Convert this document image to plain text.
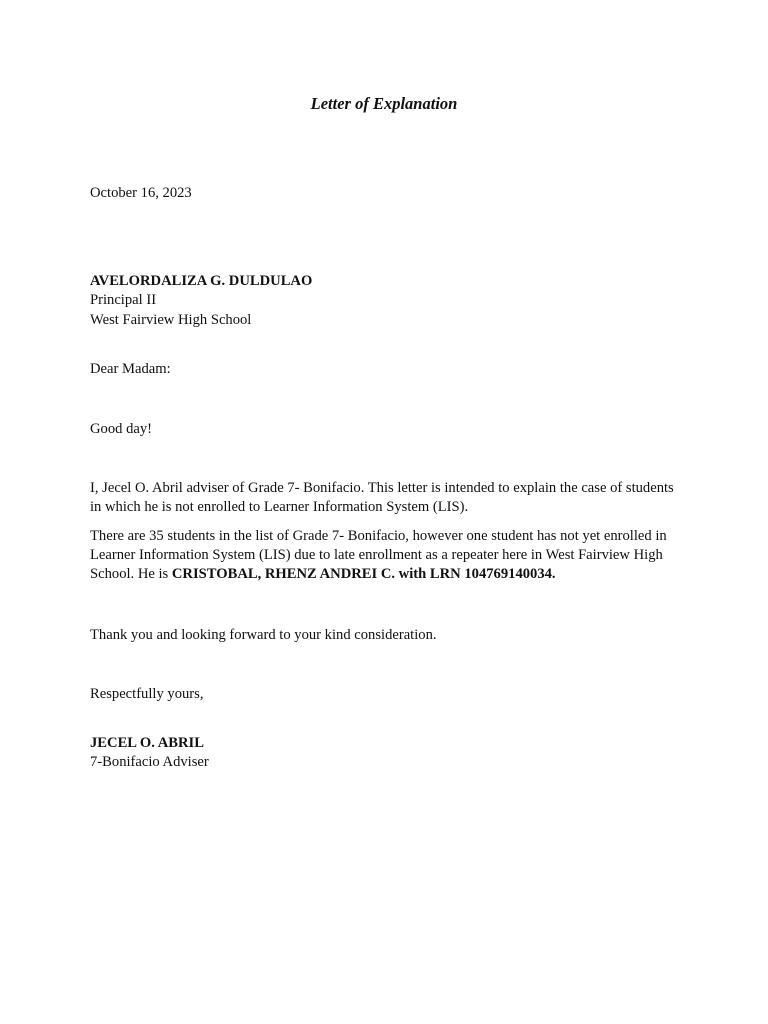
Letter of Explanation

October 16, 2023

AVELORDALIZA G. DULDULAO

Principal II

West Fairview High School

Dear Madam:

Good day!

I, Jecel O. Abril adviser of Grade 7- Bonifacio. This letter is intended to explain the case of students in which he is not enrolled to Learner Information System (LIS).

There are 35 students in the list of Grade 7- Bonifacio, however one student has not yet enrolled in Learner Information System (LIS) due to late enrollment as a repeater here in West Fairview High School. He is CRISTOBAL, RHENZ ANDREI C. with LRN 104769140034.

Thank you and looking forward to your kind consideration.

Respectfully yours,

JECEL O. ABRIL

7-Bonifacio Adviser
